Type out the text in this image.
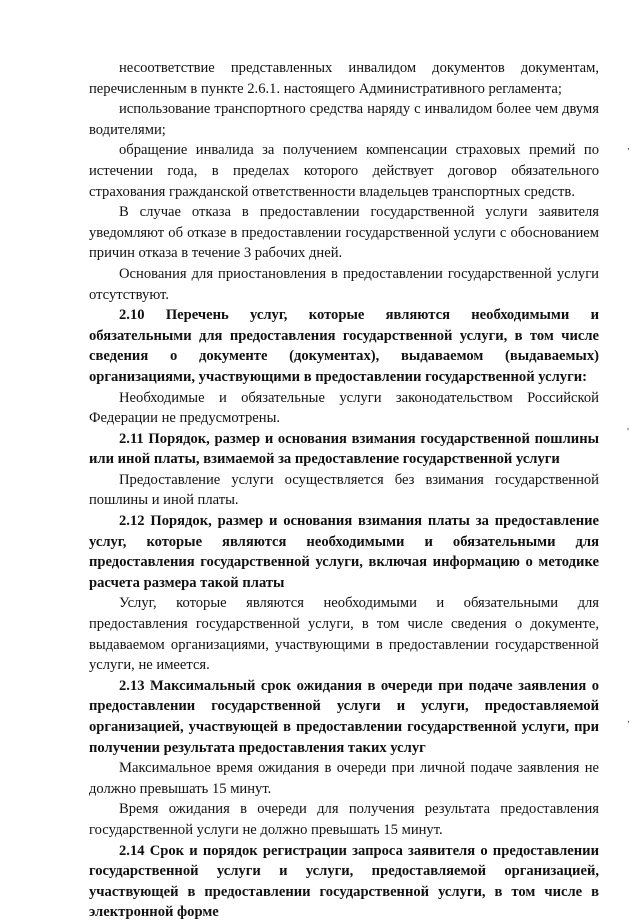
несоответствие представленных инвалидом документов документам, перечисленным в пункте 2.6.1. настоящего Административного регламента;

использование транспортного средства наряду с инвалидом более чем двумя водителями;

обращение инвалида за получением компенсации страховых премий по истечении года, в пределах которого действует договор обязательного страхования гражданской ответственности владельцев транспортных средств.

В случае отказа в предоставлении государственной услуги заявителя уведомляют об отказе в предоставлении государственной услуги с обоснованием причин отказа в течение 3 рабочих дней.

Основания для приостановления в предоставлении государственной услуги отсутствуют.

2.10 Перечень услуг, которые являются необходимыми и обязательными для предоставления государственной услуги, в том числе сведения о документе (документах), выдаваемом (выдаваемых) организациями, участвующими в предоставлении государственной услуги:

Необходимые и обязательные услуги законодательством Российской Федерации не предусмотрены.

2.11 Порядок, размер и основания взимания государственной пошлины или иной платы, взимаемой за предоставление государственной услуги

Предоставление услуги осуществляется без взимания государственной пошлины и иной платы.

2.12 Порядок, размер и основания взимания платы за предоставление услуг, которые являются необходимыми и обязательными для предоставления государственной услуги, включая информацию о методике расчета размера такой платы

Услуг, которые являются необходимыми и обязательными для предоставления государственной услуги, в том числе сведения о документе, выдаваемом организациями, участвующими в предоставлении государственной услуги, не имеется.

2.13 Максимальный срок ожидания в очереди при подаче заявления о предоставлении государственной услуги и услуги, предоставляемой организацией, участвующей в предоставлении государственной услуги, при получении результата предоставления таких услуг

Максимальное время ожидания в очереди при личной подаче заявления не должно превышать 15 минут.

Время ожидания в очереди для получения результата предоставления государственной услуги не должно превышать 15 минут.

2.14 Срок и порядок регистрации запроса заявителя о предоставлении государственной услуги и услуги, предоставляемой организацией, участвующей в предоставлении государственной услуги, в том числе в электронной форме

,
'
,
